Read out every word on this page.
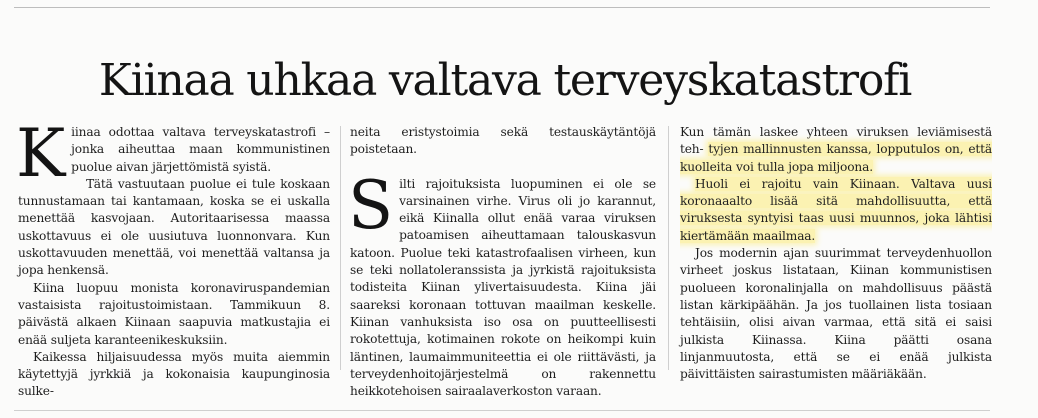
Kiinaa uhkaa valtava terveyskatastrofi

Kiinaa odottaa valtava terveyskatastrofi – jonka aiheuttaa maan kommunistinen puolue aivan järjettömistä syistä.

Tätä vastuutaan puolue ei tule koskaan tunnustamaan tai kantamaan, koska se ei uskalla menettää kasvojaan. Autoritaarisessa maassa uskottavuus ei ole uusiutuva luonnonvara. Kun uskottavuuden menettää, voi menettää valtansa ja jopa henkensä.

Kiina luopuu monista koronaviruspandemian vastaisista rajoitustoimistaan. Tammikuun 8. päivästä alkaen Kiinaan saapuvia matkustajia ei enää suljeta karanteenikeskuksiin.

Kaikessa hiljaisuudessa myös muita aiemmin käytettyjä jyrkkiä ja kokonaisia kaupunginosia sulke-

neita eristystoimia sekä testauskäytäntöjä poistetaan.

Silti rajoituksista luopuminen ei ole se varsinainen virhe. Virus oli jo karannut, eikä Kiinalla ollut enää varaa viruksen patoamisen aiheuttamaan talouskasvun katoon. Puolue teki katastrofaalisen virheen, kun se teki nollatoleranssista ja jyrkistä rajoituksista todisteita Kiinan ylivertaisuudesta. Kiina jäi saareksi koronaan tottuvan maailman keskelle. Kiinan vanhuksista iso osa on puutteellisesti rokotettuja, kotimainen rokote on heikompi kuin läntinen, laumaimmuniteettia ei ole riittävästi, ja terveydenhoitojärjestelmä on rakennettu heikkotehoisen sairaalaverkoston varaan.

Kun tämän laskee yhteen viruksen leviämisestä teh- tyjen mallinnusten kanssa, lopputulos on, että kuolleita voi tulla jopa miljoona.

Huoli ei rajoitu vain Kiinaan. Valtava uusi koronaaalto lisää sitä mahdollisuutta, että viruksesta syntyisi taas uusi muunnos, joka lähtisi kiertämään maailmaa.

Jos modernin ajan suurimmat terveydenhuollon virheet joskus listataan, Kiinan kommunistisen puolueen koronalinjalla on mahdollisuus päästä listan kärkipäähän. Ja jos tuollainen lista tosiaan tehtäisiin, olisi aivan varmaa, että sitä ei saisi julkista Kiinassa. Kiina päätti osana linjanmuutosta, että se ei enää julkista päivittäisten sairastumisten määriäkään.
